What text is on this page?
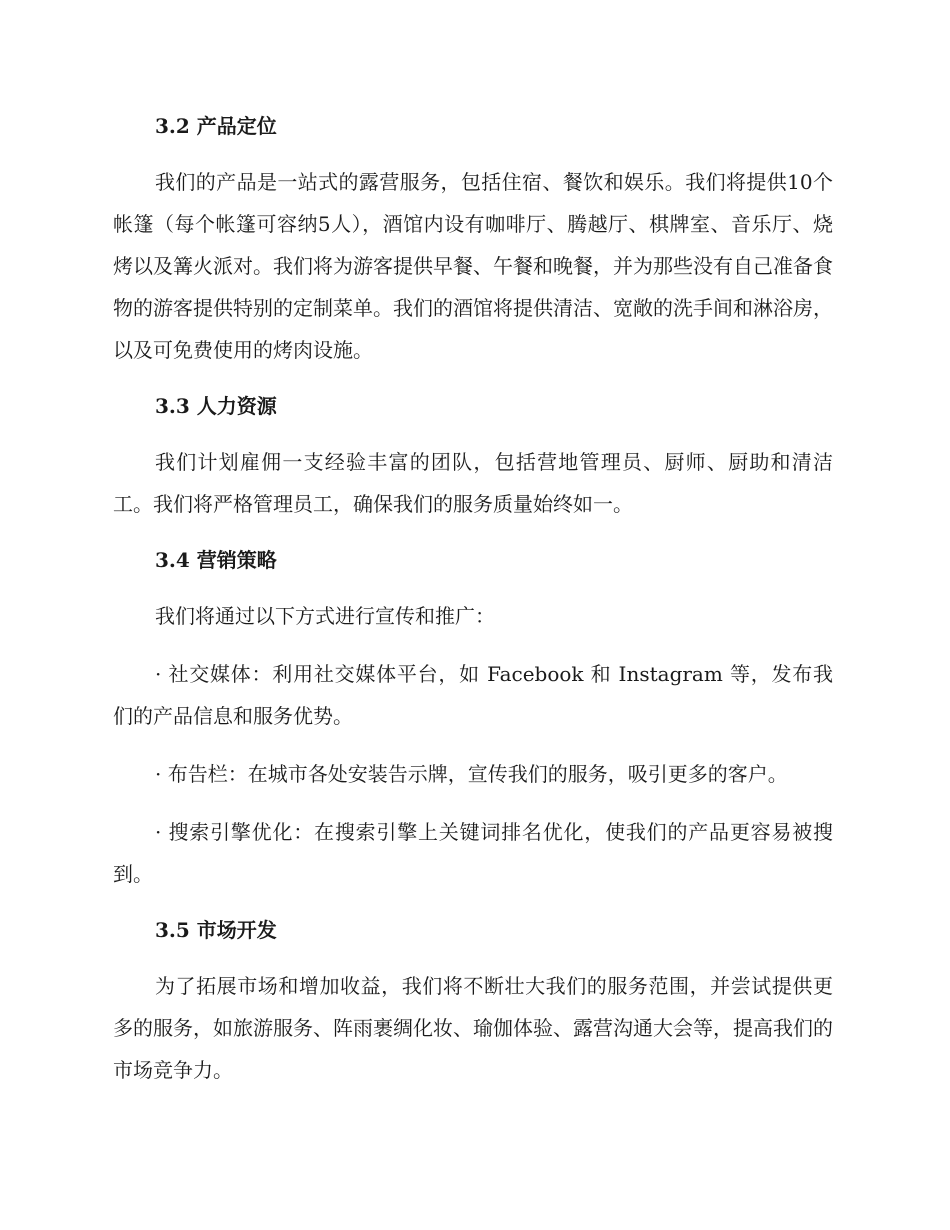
3.2 产品定位

我们的产品是一站式的露营服务，包括住宿、餐饮和娱乐。我们将提供10个帐篷（每个帐篷可容纳5人），酒馆内设有咖啡厅、腾越厅、棋牌室、音乐厅、烧烤以及篝火派对。我们将为游客提供早餐、午餐和晚餐，并为那些没有自己准备食物的游客提供特别的定制菜单。我们的酒馆将提供清洁、宽敞的洗手间和淋浴房，以及可免费使用的烤肉设施。

3.3 人力资源

我们计划雇佣一支经验丰富的团队，包括营地管理员、厨师、厨助和清洁工。我们将严格管理员工，确保我们的服务质量始终如一。

3.4 营销策略

我们将通过以下方式进行宣传和推广：

· 社交媒体：利用社交媒体平台，如 Facebook 和 Instagram 等，发布我们的产品信息和服务优势。

· 布告栏：在城市各处安装告示牌，宣传我们的服务，吸引更多的客户。

· 搜索引擎优化：在搜索引擎上关键词排名优化，使我们的产品更容易被搜到。

3.5 市场开发

为了拓展市场和增加收益，我们将不断壮大我们的服务范围，并尝试提供更多的服务，如旅游服务、阵雨裹绸化妆、瑜伽体验、露营沟通大会等，提高我们的市场竞争力。
